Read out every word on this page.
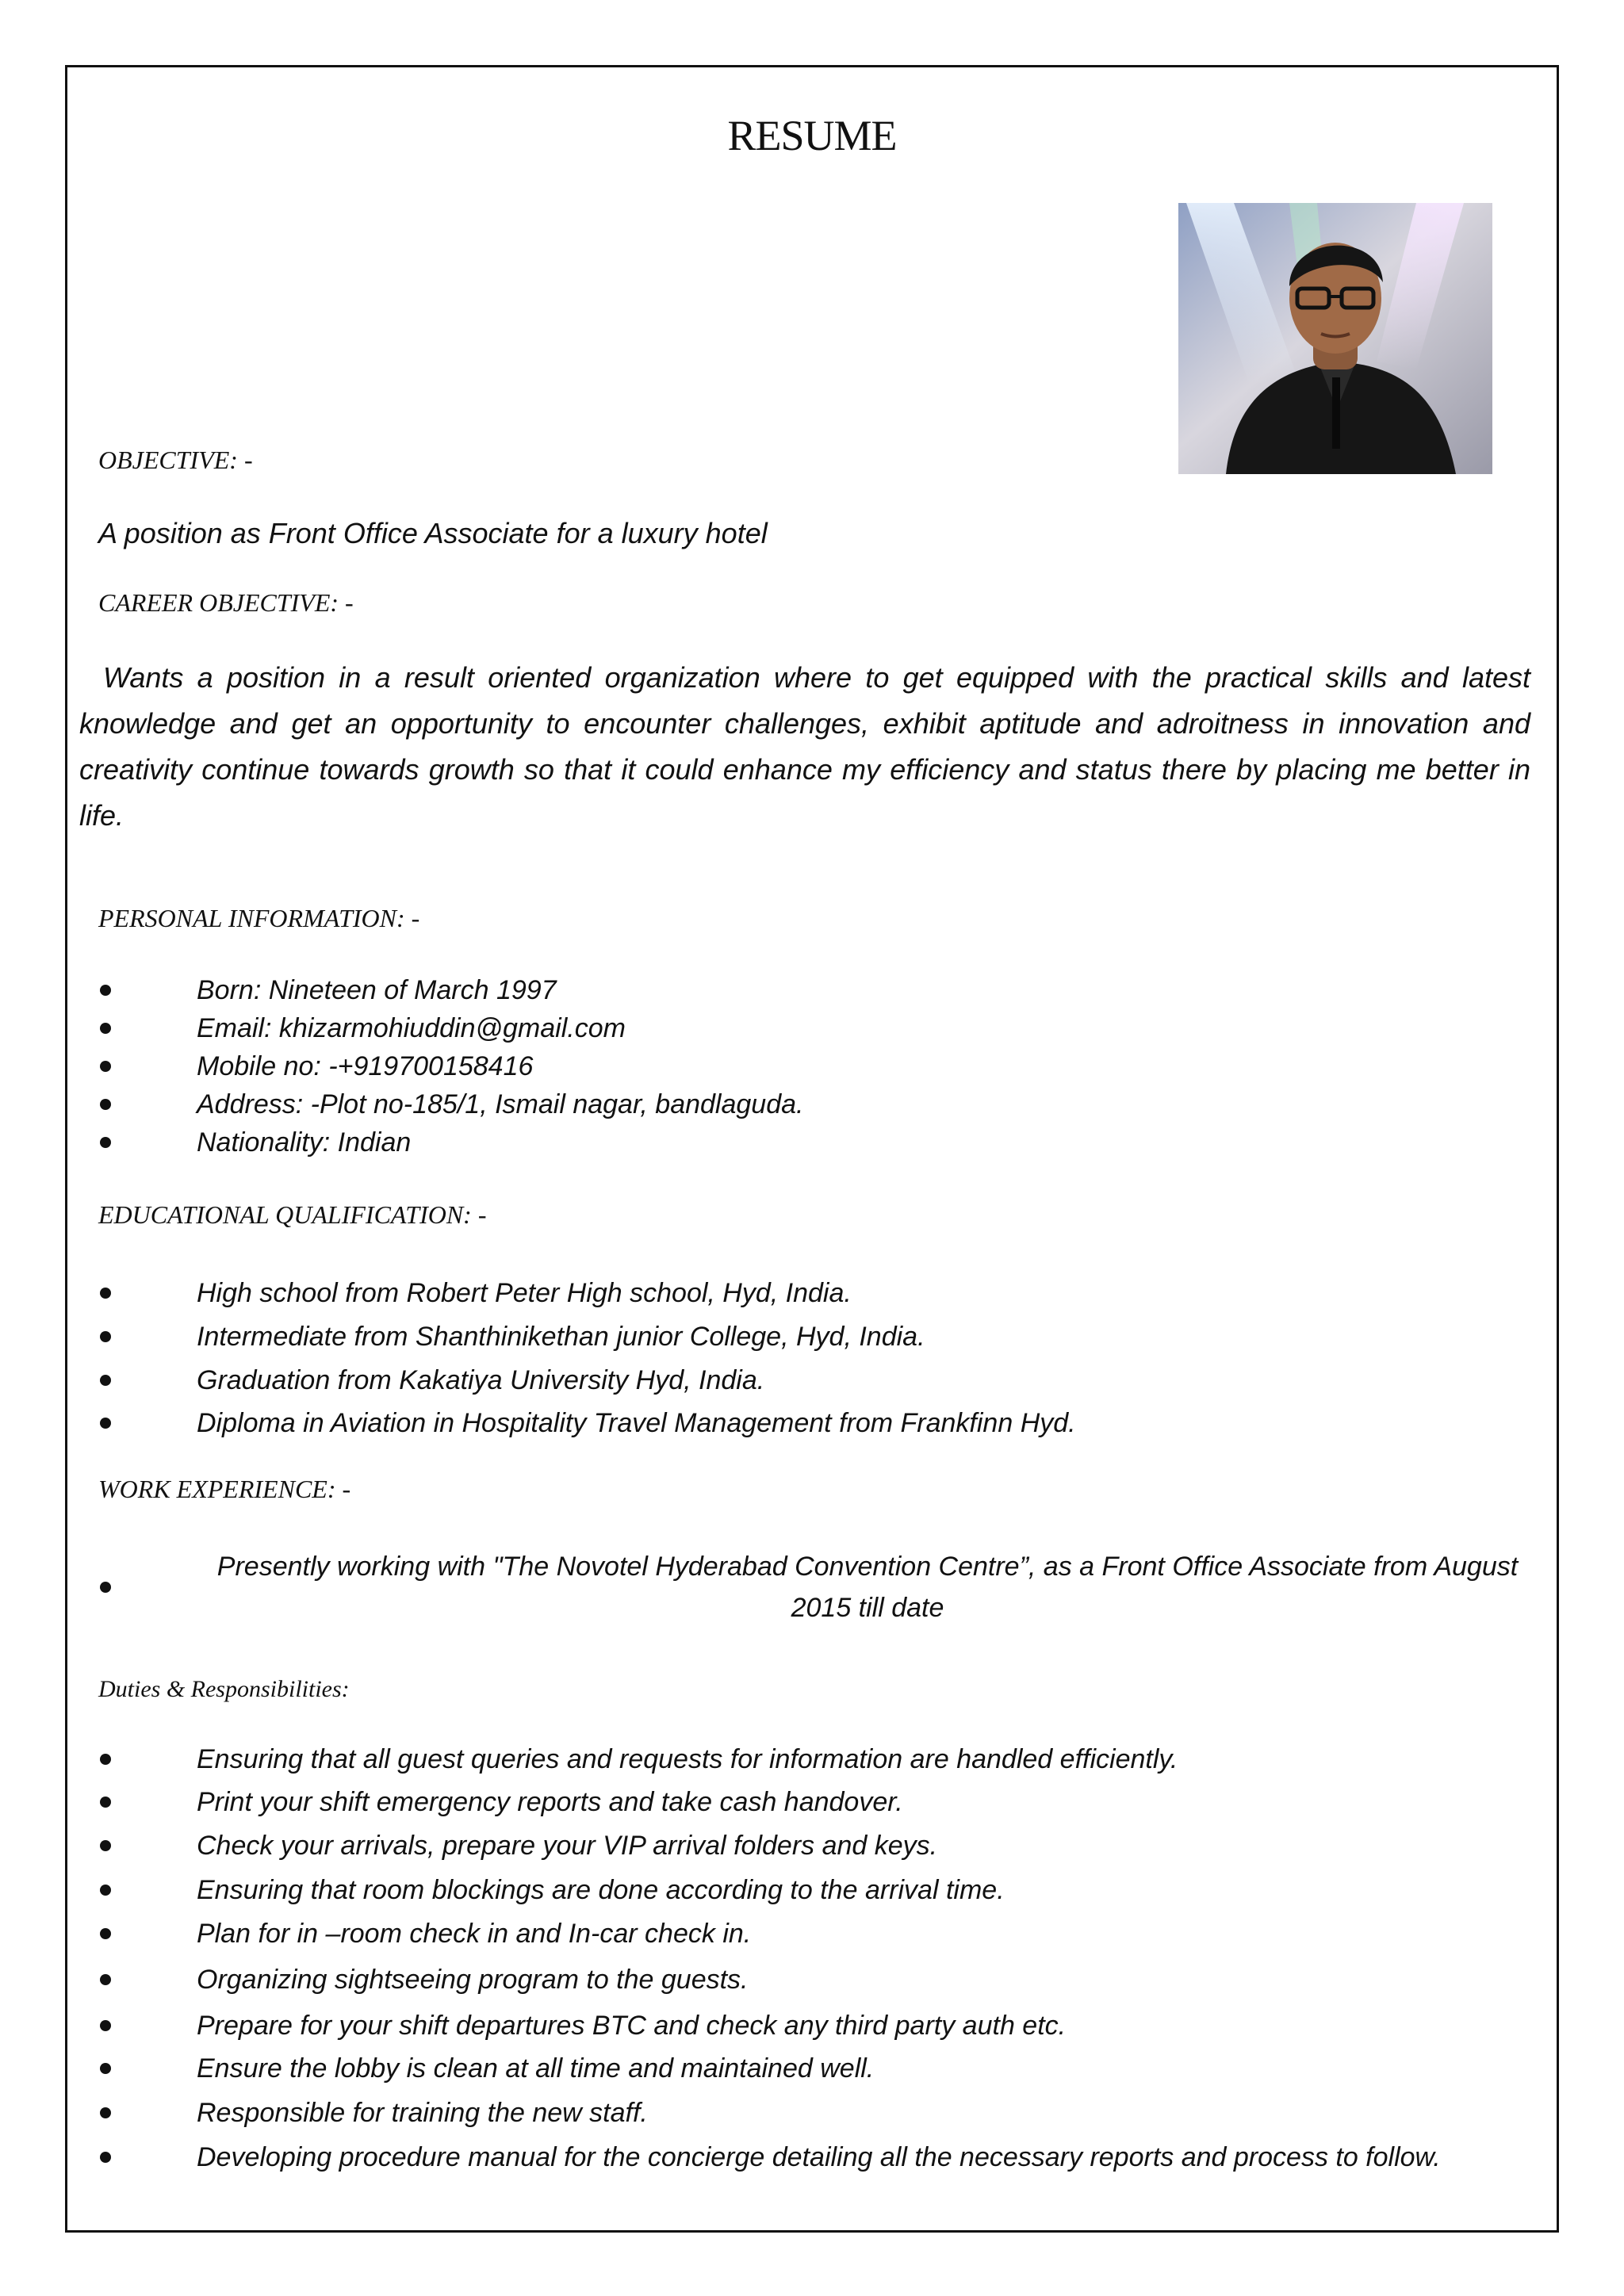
RESUME
OBJECTIVE: -
A position as Front Office Associate for a luxury hotel
CAREER OBJECTIVE: -
Wants a position in a result oriented organization where to get equipped with the practical skills and latest knowledge and get an opportunity to encounter challenges, exhibit aptitude and adroitness in innovation and creativity continue towards growth so that it could enhance my efficiency and status there by placing me better in life.
PERSONAL INFORMATION: -
Born: Nineteen of March 1997
Email: khizarmohiuddin@gmail.com
Mobile no: -+919700158416
Address: -Plot no-185/1, Ismail nagar, bandlaguda.
Nationality: Indian
EDUCATIONAL QUALIFICATION: -
High school from Robert Peter High school, Hyd, India.
Intermediate from Shanthinikethan junior College, Hyd, India.
Graduation from Kakatiya University Hyd, India.
Diploma in Aviation in Hospitality Travel Management from Frankfinn Hyd.
WORK EXPERIENCE: -
Presently working with "The Novotel Hyderabad Convention Centre”, as a Front Office Associate from August 2015 till date
Duties & Responsibilities:
Ensuring that all guest queries and requests for information are handled efficiently.
Print your shift emergency reports and take cash handover.
Check your arrivals, prepare your VIP arrival folders and keys.
Ensuring that room blockings are done according to the arrival time.
Plan for in –room check in and In-car check in.
Organizing sightseeing program to the guests.
Prepare for your shift departures BTC and check any third party auth etc.
Ensure the lobby is clean at all time and maintained well.
Responsible for training the new staff.
Developing procedure manual for the concierge detailing all the necessary reports and process to follow.
